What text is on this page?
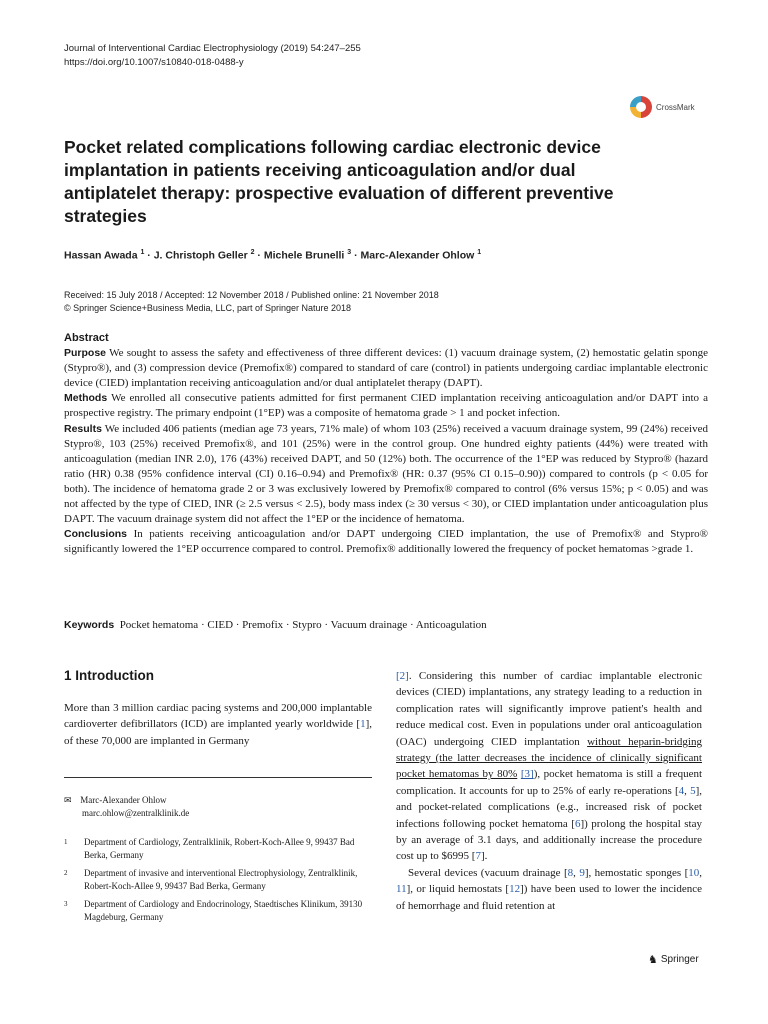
Journal of Interventional Cardiac Electrophysiology (2019) 54:247–255
https://doi.org/10.1007/s10840-018-0488-y
CrossMark
Pocket related complications following cardiac electronic device implantation in patients receiving anticoagulation and/or dual antiplatelet therapy: prospective evaluation of different preventive strategies
Hassan Awada $^1$ · J. Christoph Geller $^2$ · Michele Brunelli $^3$ · Marc-Alexander Ohlow $^1$
Received: 15 July 2018 / Accepted: 12 November 2018 / Published online: 21 November 2018
© Springer Science+Business Media, LLC, part of Springer Nature 2018
Abstract

Purpose We sought to assess the safety and effectiveness of three different devices: (1) vacuum drainage system, (2) hemostatic gelatin sponge (Stypro®), and (3) compression device (Premofix®) compared to standard of care (control) in patients undergoing cardiac implantable electronic device (CIED) implantation receiving anticoagulation and/or dual antiplatelet therapy (DAPT).

Methods We enrolled all consecutive patients admitted for first permanent CIED implantation receiving anticoagulation and/or DAPT into a prospective registry. The primary endpoint (1°EP) was a composite of hematoma grade > 1 and pocket infection.

Results We included 406 patients (median age 73 years, 71% male) of whom 103 (25%) received a vacuum drainage system, 99 (24%) received Stypro®, 103 (25%) received Premofix®, and 101 (25%) were in the control group. One hundred eighty patients (44%) were treated with anticoagulation (median INR 2.0), 176 (43%) received DAPT, and 50 (12%) both. The occurrence of the 1°EP was reduced by Stypro® (hazard ratio (HR) 0.38 (95% confidence interval (CI) 0.16–0.94) and Premofix® (HR: 0.37 (95% CI 0.15–0.90)) compared to controls (p < 0.05 for both). The incidence of hematoma grade 2 or 3 was exclusively lowered by Premofix® compared to control (6% versus 15%; p < 0.05) and was not affected by the type of CIED, INR (≥ 2.5 versus < 2.5), body mass index (≥ 30 versus < 30), or CIED implantation under anticoagulation plus DAPT. The vacuum drainage system did not affect the 1°EP or the incidence of hematoma.

Conclusions In patients receiving anticoagulation and/or DAPT undergoing CIED implantation, the use of Premofix® and Stypro® significantly lowered the 1°EP occurrence compared to control. Premofix® additionally lowered the frequency of pocket hematomas >grade 1.

Keywords Pocket hematoma · CIED · Premofix · Stypro · Vacuum drainage · Anticoagulation
1 Introduction

More than 3 million cardiac pacing systems and 200,000 implantable cardioverter defibrillators (ICD) are implanted yearly worldwide [1], of these 70,000 are implanted in Germany

✉ Marc-Alexander Ohlow
marc.ohlow@zentralklinik.de
1 Department of Cardiology, Zentralklinik, Robert-Koch-Allee 9, 99437 Bad Berka, Germany
2 Department of invasive and interventional Electrophysiology, Zentralklinik, Robert-Koch-Allee 9, 99437 Bad Berka, Germany
3 Department of Cardiology and Endocrinology, Staedtisches Klinikum, 39130 Magdeburg, Germany

[2]. Considering this number of cardiac implantable electronic devices (CIED) implantations, any strategy leading to a reduction in complication rates will significantly improve patient's health and reduce medical cost. Even in populations under oral anticoagulation (OAC) undergoing CIED implantation without heparin-bridging strategy (the latter decreases the incidence of clinically significant pocket hematomas by 80% [3]), pocket hematoma is still a frequent complication. It accounts for up to 25% of early re-operations [4, 5], and pocket-related complications (e.g., increased risk of pocket infections following pocket hematoma [6]) prolong the hospital stay by an average of 3.1 days, and additionally increase the procedure cost up to $6995 [7].

Several devices (vacuum drainage [8, 9], hemostatic sponges [10, 11], or liquid hemostats [12]) have been used to lower the incidence of hemorrhage and fluid retention at

♞ Springer
